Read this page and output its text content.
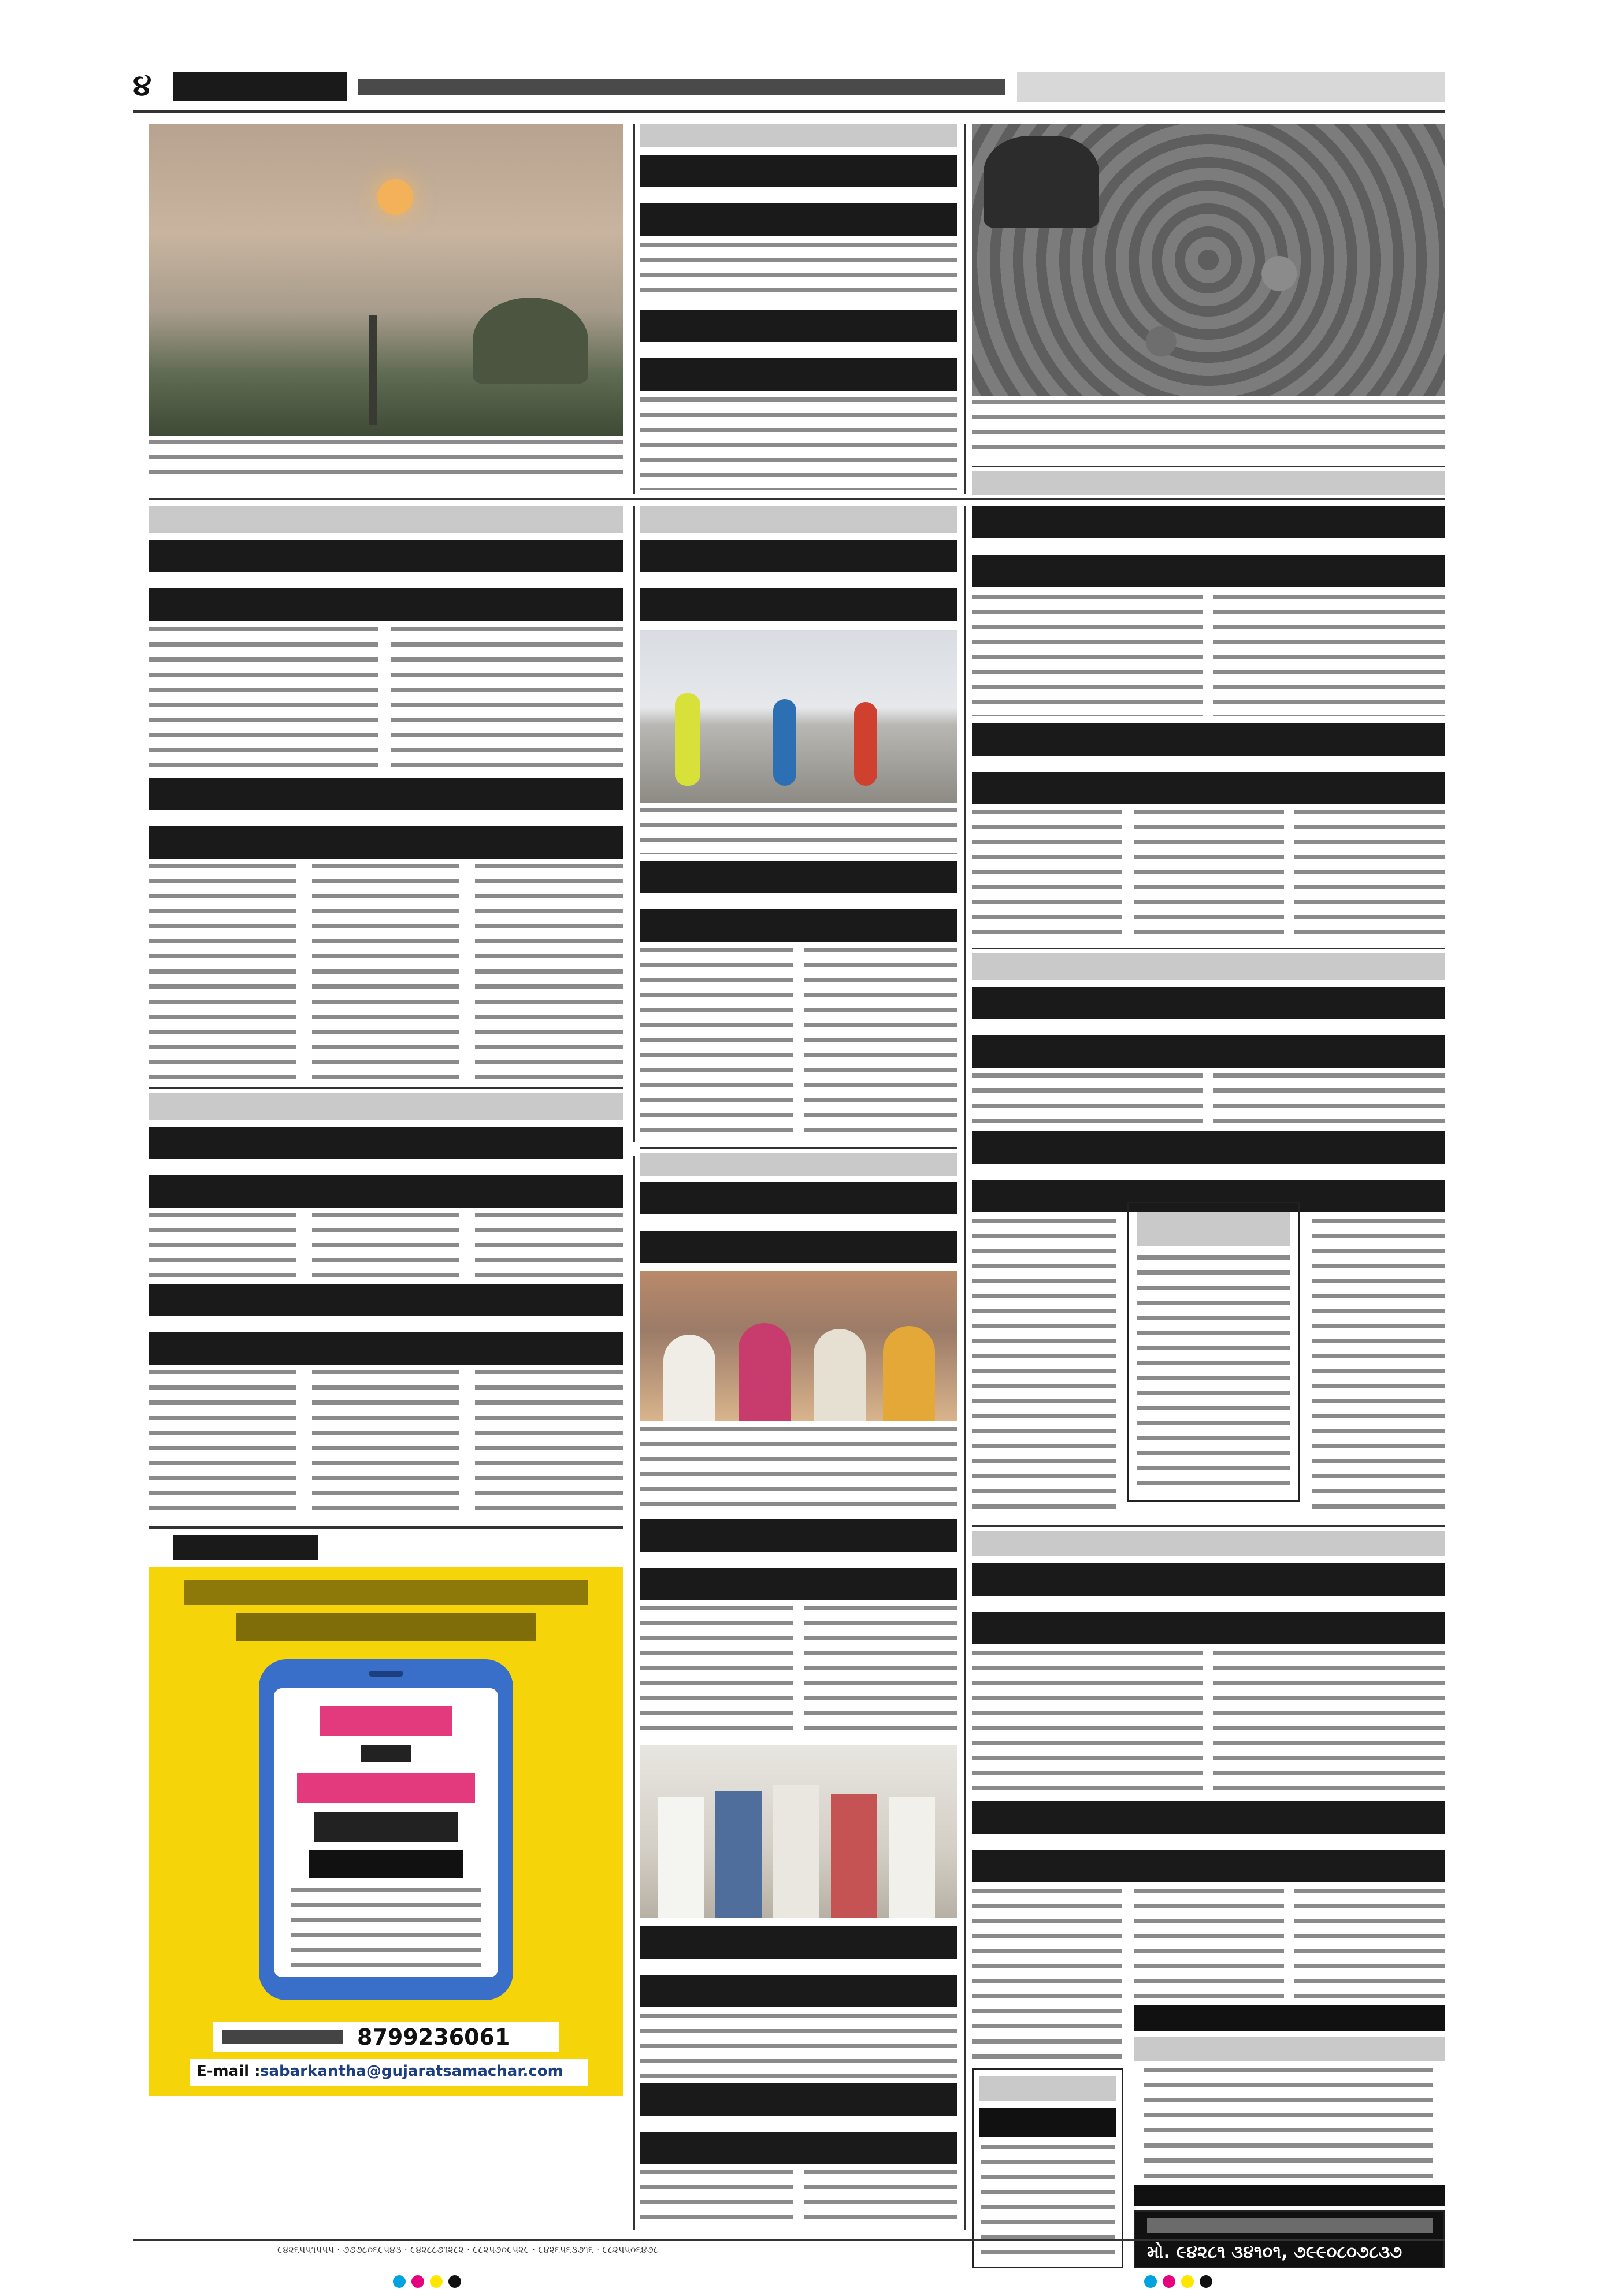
૪
8799236061
E-mail : sabarkantha@gujaratsamachar.com
મો. ૯૪૨૮૧ ૩૪૧૦૧, ૭૯૯૦૮૦૭૮૩૭
૯૪૨૬૫૫૧૫૫૫ · ૭૭૭૮૦૬૯૫૪૩ · ૯૪૨૮૮૭૧૨૮૨ · ૯૮૨૫૭૦૯૫૨૯ · ૯૪૨૬૫૬૩૭૧૬ · ૯૮૨૫૫૦૬૪૭૮
